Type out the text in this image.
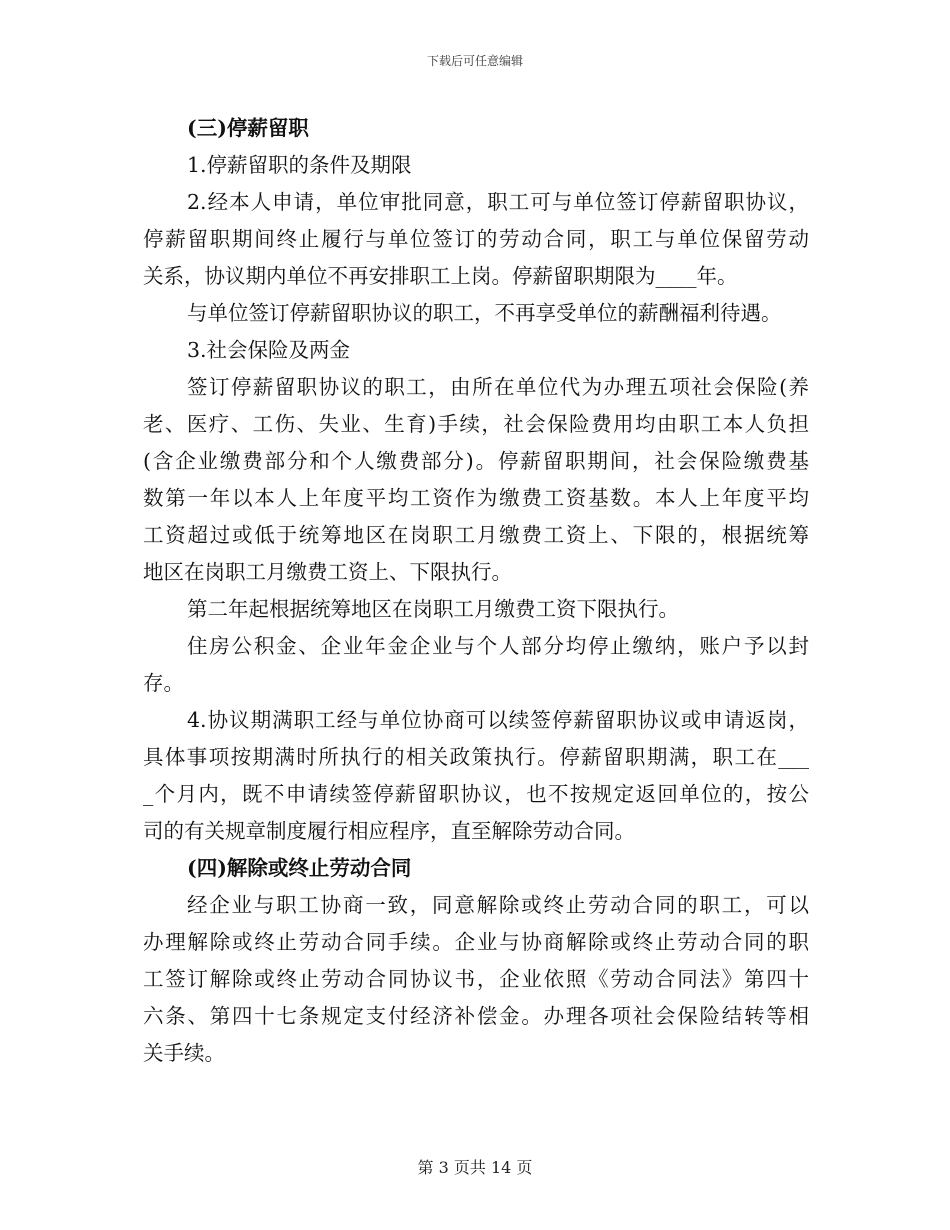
下载后可任意编辑
(三)停薪留职
1.停薪留职的条件及期限
2.经本人申请，单位审批同意，职工可与单位签订停薪留职协议，
停薪留职期间终止履行与单位签订的劳动合同，职工与单位保留劳动
关系，协议期内单位不再安排职工上岗。停薪留职期限为____年。
与单位签订停薪留职协议的职工，不再享受单位的薪酬福利待遇。
3.社会保险及两金
签订停薪留职协议的职工，由所在单位代为办理五项社会保险(养
老、医疗、工伤、失业、生育)手续，社会保险费用均由职工本人负担
(含企业缴费部分和个人缴费部分)。停薪留职期间，社会保险缴费基
数第一年以本人上年度平均工资作为缴费工资基数。本人上年度平均
工资超过或低于统筹地区在岗职工月缴费工资上、下限的，根据统筹
地区在岗职工月缴费工资上、下限执行。
第二年起根据统筹地区在岗职工月缴费工资下限执行。
住房公积金、企业年金企业与个人部分均停止缴纳，账户予以封
存。
4.协议期满职工经与单位协商可以续签停薪留职协议或申请返岗，
具体事项按期满时所执行的相关政策执行。停薪留职期满，职工在___
_个月内，既不申请续签停薪留职协议，也不按规定返回单位的，按公
司的有关规章制度履行相应程序，直至解除劳动合同。
(四)解除或终止劳动合同
经企业与职工协商一致，同意解除或终止劳动合同的职工，可以
办理解除或终止劳动合同手续。企业与协商解除或终止劳动合同的职
工签订解除或终止劳动合同协议书，企业依照《劳动合同法》第四十
六条、第四十七条规定支付经济补偿金。办理各项社会保险结转等相
关手续。
第 3 页共 14 页
